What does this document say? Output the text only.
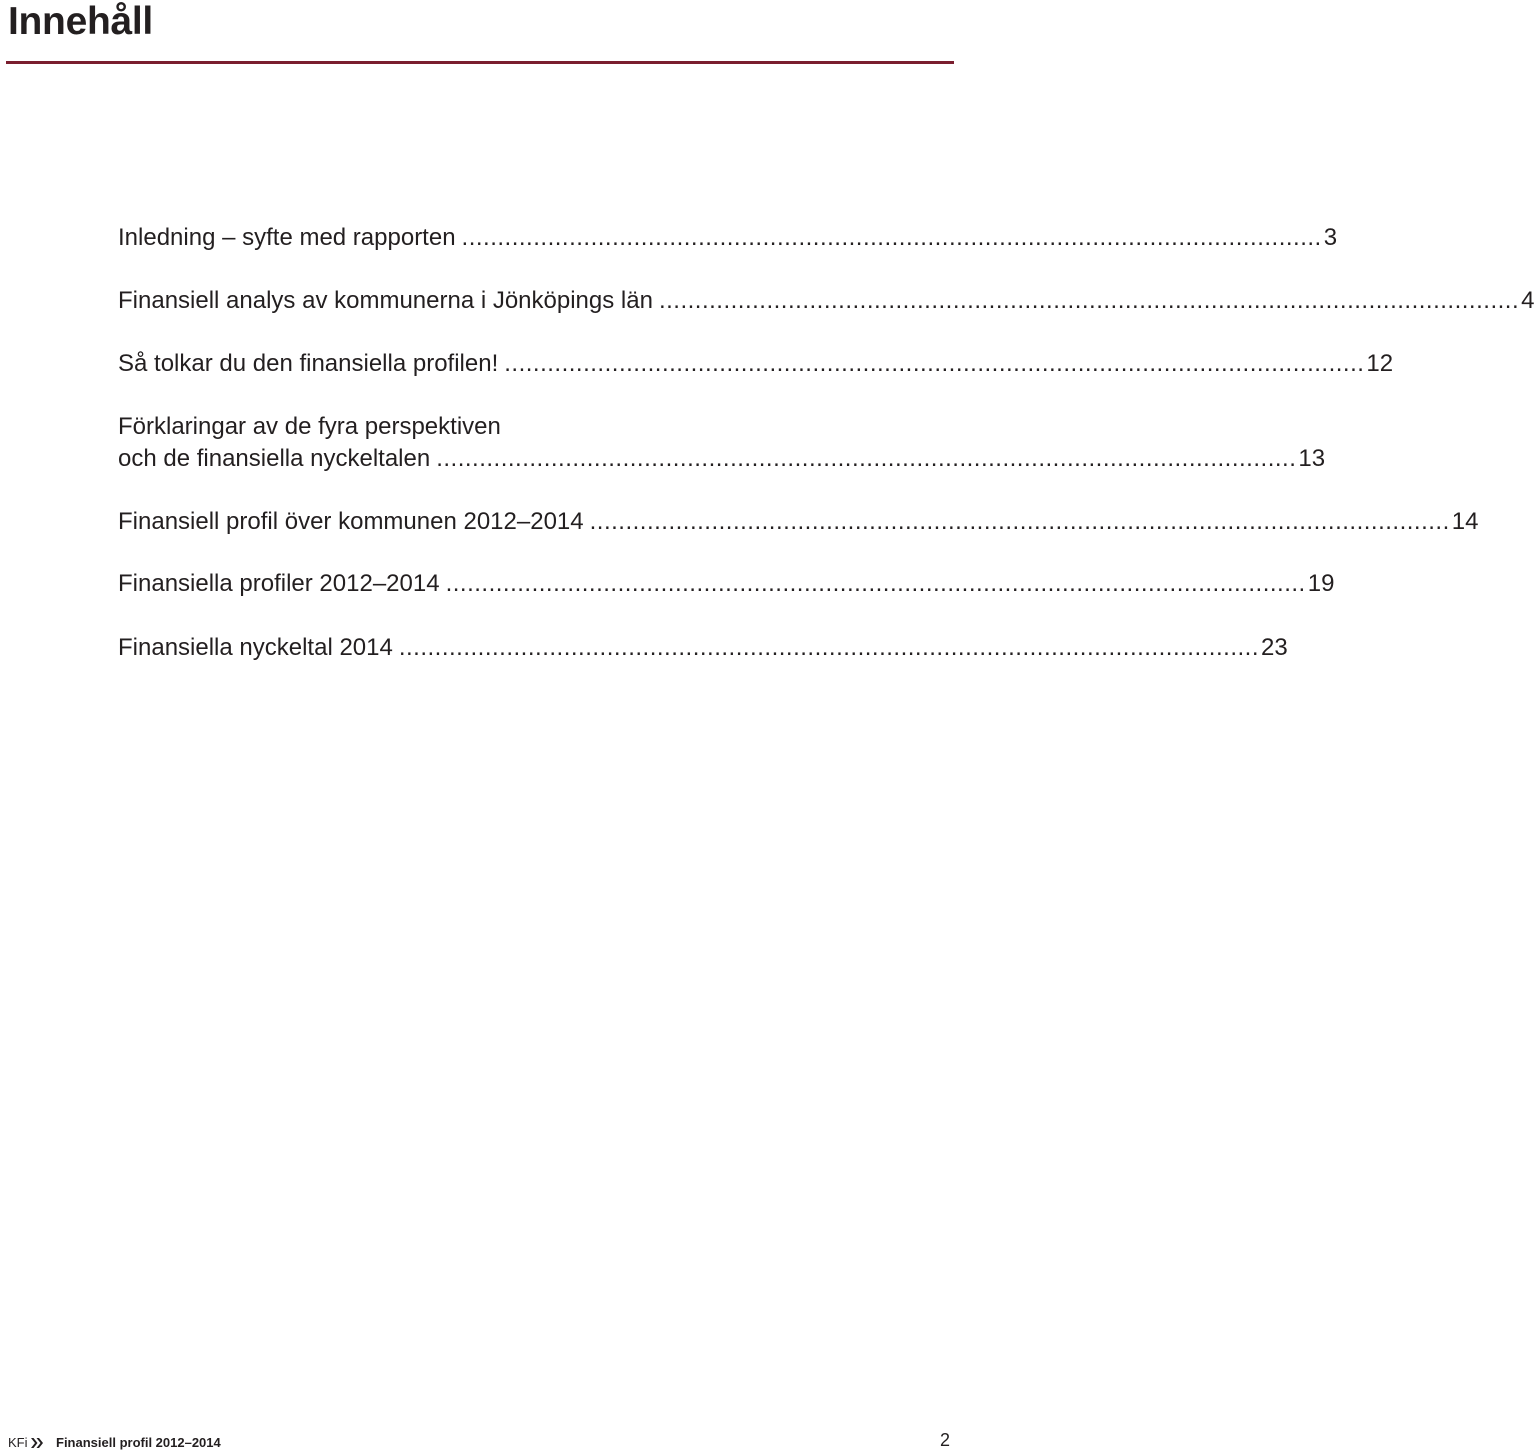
Innehåll
Inledning – syfte med rapporten ........................................................................................................................ 3
Finansiell analys av kommunerna i Jönköpings län ........................................................................................................................ 4
Så tolkar du den finansiella profilen! ........................................................................................................................ 12
Förklaringar av de fyra perspektiven
och de finansiella nyckeltalen ........................................................................................................................ 13
Finansiell profil över kommunen 2012–2014 ........................................................................................................................ 14
Finansiella profiler 2012–2014 ........................................................................................................................ 19
Finansiella nyckeltal 2014 ........................................................................................................................ 23
KFi Finansiell profil 2012–2014	2
